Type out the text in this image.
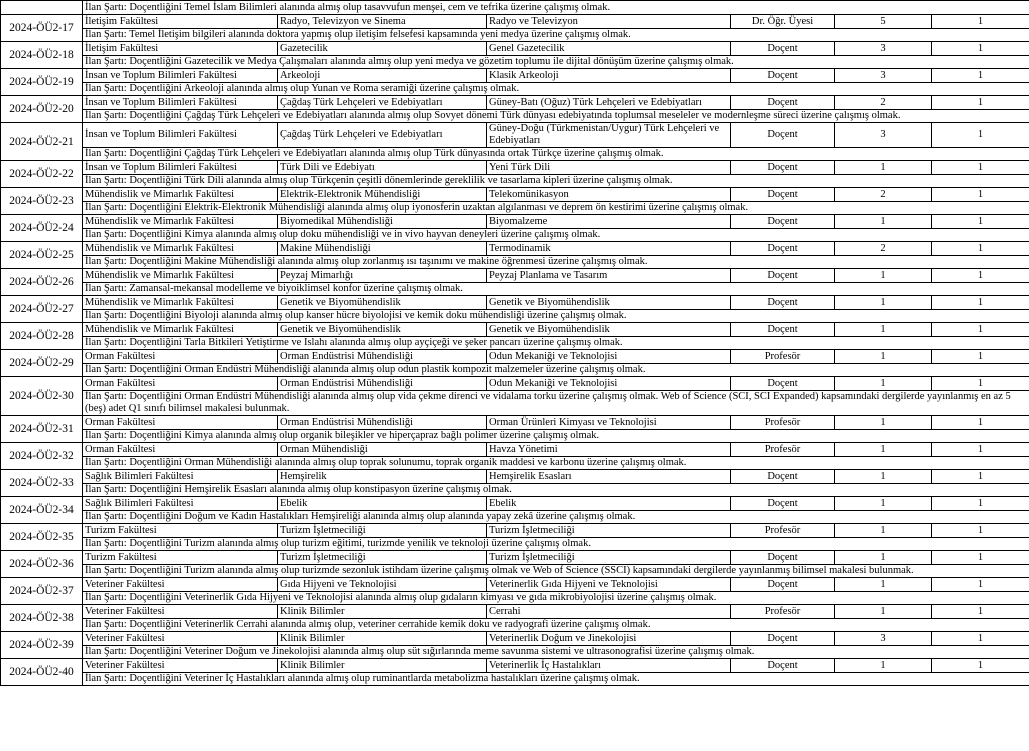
	İlan Şartı: Doçentliğini Temel İslam Bilimleri alanında almış olup tasavvufun menşei, cem ve tefrika üzerine çalışmış olmak.					
2024-ÖÜ2-17	İletişim Fakültesi	Radyo, Televizyon ve Sinema	Radyo ve Televizyon	Dr. Öğr. Üyesi	5	1
	İlan Şartı: Temel İletişim bilgileri alanında doktora yapmış olup iletişim felsefesi kapsamında yeni medya üzerine çalışmış olmak.					
2024-ÖÜ2-18	İletişim Fakültesi	Gazetecilik	Genel Gazetecilik	Doçent	3	1
	İlan Şartı: Doçentliğini Gazetecilik ve Medya Çalışmaları alanında almış olup yeni medya ve gözetim toplumu ile dijital dönüşüm üzerine çalışmış olmak.					
2024-ÖÜ2-19	İnsan ve Toplum Bilimleri Fakültesi	Arkeoloji	Klasik Arkeoloji	Doçent	3	1
	İlan Şartı: Doçentliğini Arkeoloji alanında almış olup Yunan ve Roma seramiği üzerine çalışmış olmak.					
2024-ÖÜ2-20	İnsan ve Toplum Bilimleri Fakültesi	Çağdaş Türk Lehçeleri ve Edebiyatları	Güney-Batı (Oğuz) Türk Lehçeleri ve Edebiyatları	Doçent	2	1
	İlan Şartı: Doçentliğini Çağdaş Türk Lehçeleri ve Edebiyatları alanında almış olup Sovyet dönemi Türk dünyası edebiyatında toplumsal meseleler ve modernleşme süreci üzerine çalışmış olmak.					
2024-ÖÜ2-21	İnsan ve Toplum Bilimleri Fakültesi	Çağdaş Türk Lehçeleri ve Edebiyatları	Güney-Doğu (Türkmenistan/Uygur) Türk Lehçeleri ve Edebiyatları	Doçent	3	1
	İlan Şartı: Doçentliğini Çağdaş Türk Lehçeleri ve Edebiyatları alanında almış olup Türk dünyasında ortak Türkçe üzerine çalışmış olmak.					
2024-ÖÜ2-22	İnsan ve Toplum Bilimleri Fakültesi	Türk Dili ve Edebiyatı	Yeni Türk Dili	Doçent	1	1
	İlan Şartı: Doçentliğini Türk Dili alanında almış olup Türkçenin çeşitli dönemlerinde gereklilik ve tasarlama kipleri üzerine çalışmış olmak.					
2024-ÖÜ2-23	Mühendislik ve Mimarlık Fakültesi	Elektrik-Elektronik Mühendisliği	Telekomünikasyon	Doçent	2	1
	İlan Şartı: Doçentliğini Elektrik-Elektronik Mühendisliği alanında almış olup iyonosferin uzaktan algılanması ve deprem ön kestirimi üzerine çalışmış olmak.					
2024-ÖÜ2-24	Mühendislik ve Mimarlık Fakültesi	Biyomedikal Mühendisliği	Biyomalzeme	Doçent	1	1
	İlan Şartı: Doçentliğini Kimya alanında almış olup doku mühendisliği ve in vivo hayvan deneyleri üzerine çalışmış olmak.					
2024-ÖÜ2-25	Mühendislik ve Mimarlık Fakültesi	Makine Mühendisliği	Termodinamik	Doçent	2	1
	İlan Şartı: Doçentliğini Makine Mühendisliği alanında almış olup zorlanmış ısı taşınımı ve makine öğrenmesi üzerine çalışmış olmak.					
2024-ÖÜ2-26	Mühendislik ve Mimarlık Fakültesi	Peyzaj Mimarlığı	Peyzaj Planlama ve Tasarım	Doçent	1	1
	İlan Şartı: Zamansal-mekansal modelleme ve biyoiklimsel konfor üzerine çalışmış olmak.					
2024-ÖÜ2-27	Mühendislik ve Mimarlık Fakültesi	Genetik ve Biyomühendislik	Genetik ve Biyomühendislik	Doçent	1	1
	İlan Şartı: Doçentliğini Biyoloji alanında almış olup kanser hücre biyolojisi ve kemik doku mühendisliği üzerine çalışmış olmak.					
2024-ÖÜ2-28	Mühendislik ve Mimarlık Fakültesi	Genetik ve Biyomühendislik	Genetik ve Biyomühendislik	Doçent	1	1
	İlan Şartı: Doçentliğini Tarla Bitkileri Yetiştirme ve Islahı alanında almış olup ayçiçeği ve şeker pancarı üzerine çalışmış olmak.					
2024-ÖÜ2-29	Orman Fakültesi	Orman Endüstrisi Mühendisliği	Odun Mekaniği ve Teknolojisi	Profesör	1	1
	İlan Şartı: Doçentliğini Orman Endüstri Mühendisliği alanında almış olup odun plastik kompozit malzemeler üzerine çalışmış olmak.					
2024-ÖÜ2-30	Orman Fakültesi	Orman Endüstrisi Mühendisliği	Odun Mekaniği ve Teknolojisi	Doçent	1	1
	İlan Şartı: Doçentliğini Orman Endüstri Mühendisliği alanında almış olup vida çekme direnci ve vidalama torku üzerine çalışmış olmak. Web of Science (SCI, SCI Expanded) kapsamındaki dergilerde yayınlanmış en az 5 (beş) adet Q1 sınıfı bilimsel makalesi bulunmak.					
2024-ÖÜ2-31	Orman Fakültesi	Orman Endüstrisi Mühendisliği	Orman Ürünleri Kimyası ve Teknolojisi	Profesör	1	1
	İlan Şartı: Doçentliğini Kimya alanında almış olup organik bileşikler ve hiperçapraz bağlı polimer üzerine çalışmış olmak.					
2024-ÖÜ2-32	Orman Fakültesi	Orman Mühendisliği	Havza Yönetimi	Profesör	1	1
	İlan Şartı: Doçentliğini Orman Mühendisliği alanında almış olup toprak solunumu, toprak organik maddesi ve karbonu üzerine çalışmış olmak.					
2024-ÖÜ2-33	Sağlık Bilimleri Fakültesi	Hemşirelik	Hemşirelik Esasları	Doçent	1	1
	İlan Şartı: Doçentliğini Hemşirelik Esasları alanında almış olup konstipasyon üzerine çalışmış olmak.					
2024-ÖÜ2-34	Sağlık Bilimleri Fakültesi	Ebelik	Ebelik	Doçent	1	1
	İlan Şartı: Doçentliğini Doğum ve Kadın Hastalıkları Hemşireliği alanında almış olup alanında yapay zekâ üzerine çalışmış olmak.					
2024-ÖÜ2-35	Turizm Fakültesi	Turizm İşletmeciliği	Turizm İşletmeciliği	Profesör	1	1
	İlan Şartı: Doçentliğini Turizm alanında almış olup turizm eğitimi, turizmde yenilik ve teknoloji üzerine çalışmış olmak.					
2024-ÖÜ2-36	Turizm Fakültesi	Turizm İşletmeciliği	Turizm İşletmeciliği	Doçent	1	1
	İlan Şartı: Doçentliğini Turizm alanında almış olup turizmde sezonluk istihdam üzerine çalışmış olmak ve Web of Science (SSCI) kapsamındaki dergilerde yayınlanmış bilimsel makalesi bulunmak.					
2024-ÖÜ2-37	Veteriner Fakültesi	Gıda Hijyeni ve Teknolojisi	Veterinerlik Gıda Hijyeni ve Teknolojisi	Doçent	1	1
	İlan Şartı: Doçentliğini Veterinerlik Gıda Hijyeni ve Teknolojisi alanında almış olup gıdaların kimyası ve gıda mikrobiyolojisi üzerine çalışmış olmak.					
2024-ÖÜ2-38	Veteriner Fakültesi	Klinik Bilimler	Cerrahi	Profesör	1	1
	İlan Şartı: Doçentliğini Veterinerlik Cerrahi alanında almış olup, veteriner cerrahide kemik doku ve radyografi üzerine çalışmış olmak.					
2024-ÖÜ2-39	Veteriner Fakültesi	Klinik Bilimler	Veterinerlik Doğum ve Jinekolojisi	Doçent	3	1
	İlan Şartı: Doçentliğini Veteriner Doğum ve Jinekolojisi alanında almış olup süt sığırlarında meme savunma sistemi ve ultrasonografisi üzerine çalışmış olmak.					
2024-ÖÜ2-40	Veteriner Fakültesi	Klinik Bilimler	Veterinerlik İç Hastalıkları	Doçent	1	1
	İlan Şartı: Doçentliğini Veteriner İç Hastalıkları alanında almış olup ruminantlarda metabolizma hastalıkları üzerine çalışmış olmak.					
